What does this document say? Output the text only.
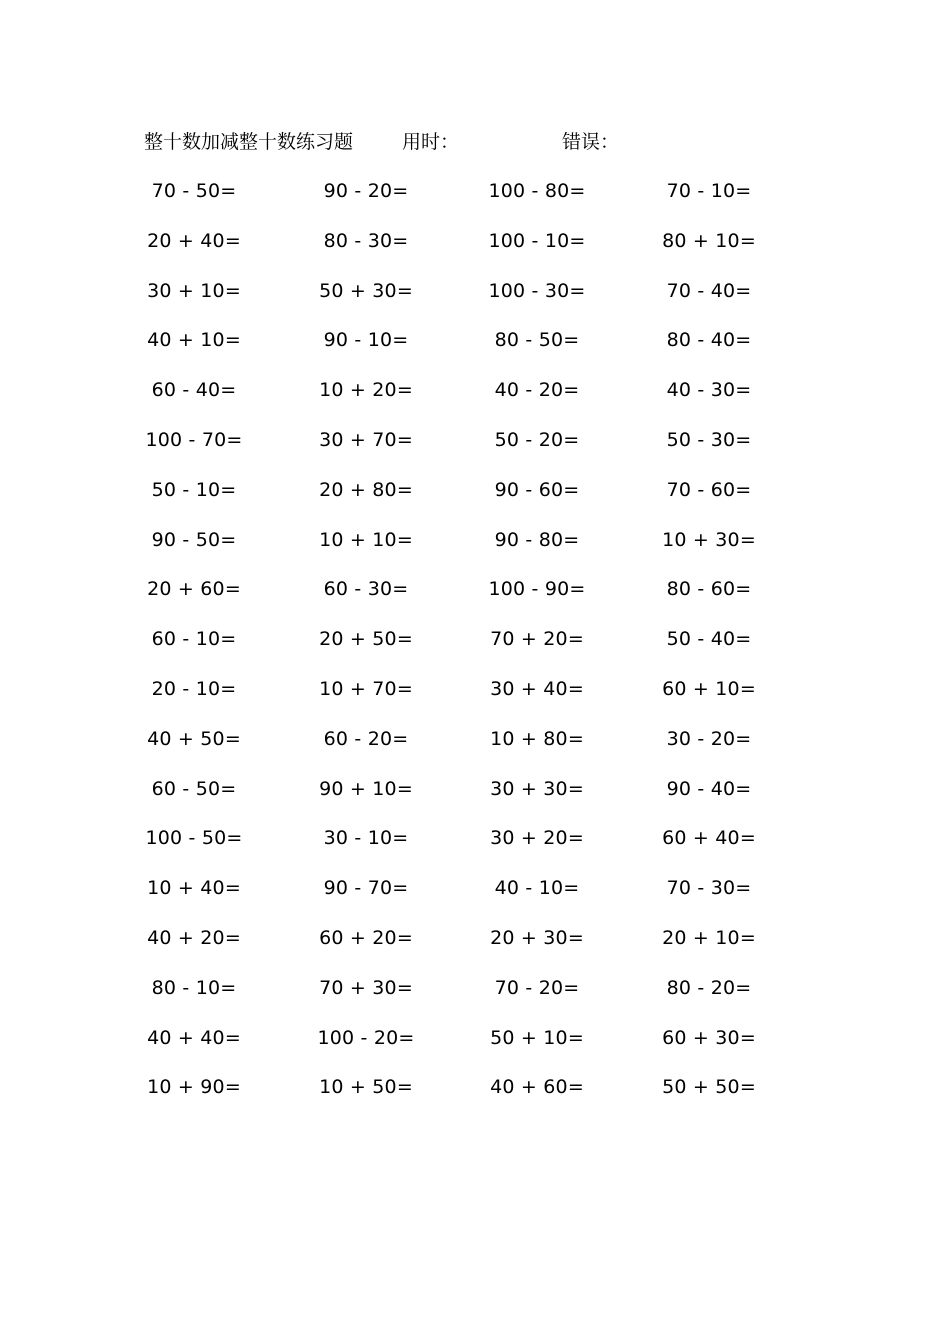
整十数加减整十数练习题	用时：	错误：
70 - 50=	90 - 20=	100 - 80=	70 - 10=
20 + 40=	80 - 30=	100 - 10=	80 + 10=
30 + 10=	50 + 30=	100 - 30=	70 - 40=
40 + 10=	90 - 10=	80 - 50=	80 - 40=
60 - 40=	10 + 20=	40 - 20=	40 - 30=
100 - 70=	30 + 70=	50 - 20=	50 - 30=
50 - 10=	20 + 80=	90 - 60=	70 - 60=
90 - 50=	10 + 10=	90 - 80=	10 + 30=
20 + 60=	60 - 30=	100 - 90=	80 - 60=
60 - 10=	20 + 50=	70 + 20=	50 - 40=
20 - 10=	10 + 70=	30 + 40=	60 + 10=
40 + 50=	60 - 20=	10 + 80=	30 - 20=
60 - 50=	90 + 10=	30 + 30=	90 - 40=
100 - 50=	30 - 10=	30 + 20=	60 + 40=
10 + 40=	90 - 70=	40 - 10=	70 - 30=
40 + 20=	60 + 20=	20 + 30=	20 + 10=
80 - 10=	70 + 30=	70 - 20=	80 - 20=
40 + 40=	100 - 20=	50 + 10=	60 + 30=
10 + 90=	10 + 50=	40 + 60=	50 + 50=
